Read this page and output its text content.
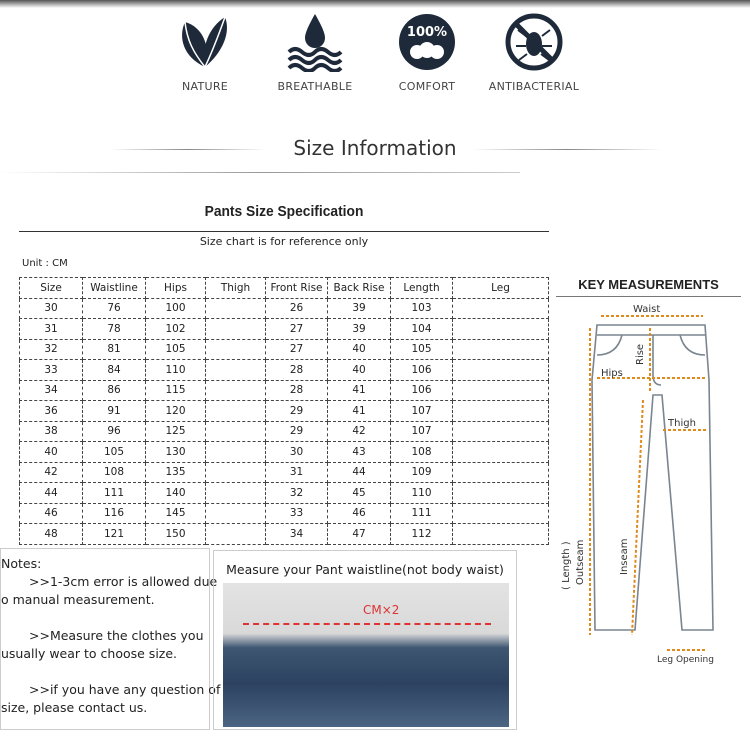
NATURE	BREATHABLE
100%
COMFORT	ANTIBACTERIAL
Size Information
Pants Size Specification
Size chart is for reference only
Unit : CM
Size	Waistline	Hips	Thigh	Front Rise	Back Rise	Length	Leg
30	76	100		26	39	103	
31	78	102		27	39	104	
32	81	105		27	40	105	
33	84	110		28	40	106	
34	86	115		28	41	106	
36	91	120		29	41	107	
38	96	125		29	42	107	
40	105	130		30	43	108	
42	108	135		31	44	109	
44	111	140		32	45	110	
46	116	145		33	46	111	
48	121	150		34	47	112	
KEY MEASUREMENTS
Waist
Rise
Hips
Thigh
( Length ) Outseam	Inseam
Leg Opening

Notes:

>>1-3cm error is allowed due

o manual measurement.

>>Measure the clothes you

usually wear to choose size.

>>if you have any question of

size, please contact us.

Measure your Pant waistline(not body waist)
CM×2
